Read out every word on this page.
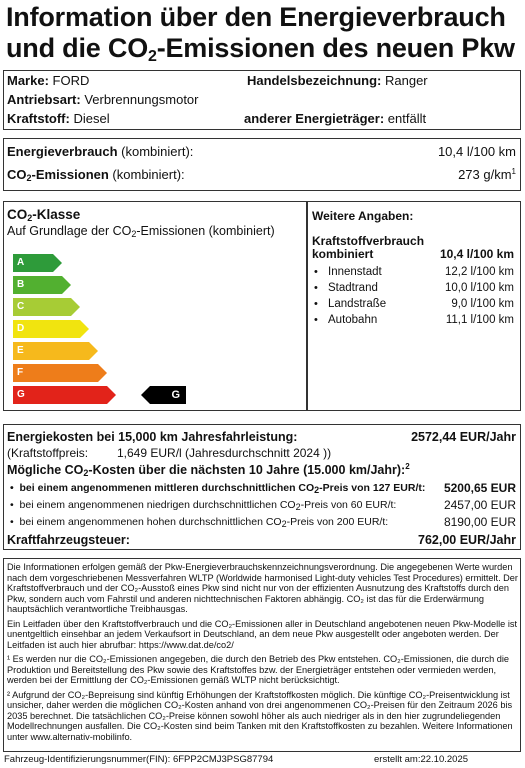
Information über den Energieverbrauch
und die $CO_2$-Emissionen des neuen Pkw
Marke: FORD	Handelsbezeichnung: Ranger
Antriebsart: Verbrennungsmotor
Kraftstoff: Diesel	anderer Energieträger: entfällt
Energieverbrauch (kombiniert):	10,4 l/100 km
$CO_2$-Emissionen (kombiniert):	273 $g/km^1$
$CO_2$-Klasse
Auf Grundlage der $CO_2$-Emissionen (kombiniert)
A
B
C
D
E
F
G	G
Weitere Angaben:
Kraftstoffverbrauch
kombiniert	10,4 l/100 km
• Innenstadt	12,2 l/100 km
• Stadtrand	10,0 l/100 km
• Landstraße	9,0 l/100 km
• Autobahn	11,1 l/100 km
Energiekosten bei 15,000 km Jahresfahrleistung:	2572,44 EUR/Jahr
(Kraftstoffpreis: 1,649 EUR/l (Jahresdurchschnitt 2024 ))
Mögliche $CO_2$-Kosten über die nächsten 10 Jahre (15.000 km/Jahr):$^2$
•  bei einem angenommenen mittleren durchschnittlichen $CO_2$-Preis von 127 EUR/t: 5200,65 EUR
•  bei einem angenommenen niedrigen durchschnittlichen $CO_2$-Preis von 60 EUR/t:	2457,00 EUR
•  bei einem angenommenen hohen durchschnittlichen $CO_2$-Preis von 200 EUR/t:	8190,00 EUR
Kraftfahrzeugsteuer:	762,00 EUR/Jahr

Die Informationen erfolgen gemäß der Pkw-Energieverbrauchskennzeichnungsverordnung. Die angegebenen Werte wurden nach dem vorgeschriebenen Messverfahren WLTP (Worldwide harmonised Light-duty vehicles Test Procedures) ermittelt. Der Kraftstoffverbrauch und der CO₂-Ausstoß eines Pkw sind nicht nur von der effizienten Ausnutzung des Kraftstoffs durch den Pkw, sondern auch vom Fahrstil und anderen nichttechnischen Faktoren abhängig. CO₂ ist das für die Erderwärmung hauptsächlich verantwortliche Treibhausgas.

Ein Leitfaden über den Kraftstoffverbrauch und die CO₂-Emissionen aller in Deutschland angebotenen neuen Pkw-Modelle ist unentgeltlich einsehbar an jedem Verkaufsort in Deutschland, an dem neue Pkw ausgestellt oder angeboten werden. Der Leitfaden ist auch hier abrufbar: https://www.dat.de/co2/

¹ Es werden nur die CO₂-Emissionen angegeben, die durch den Betrieb des Pkw entstehen. CO₂-Emissionen, die durch die Produktion und Bereitstellung des Pkw sowie des Kraftstoffes bzw. der Energieträger entstehen oder vermieden werden, werden bei der Ermittlung der CO₂-Emissionen gemäß WLTP nicht berücksichtigt.

² Aufgrund der CO₂-Bepreisung sind künftig Erhöhungen der Kraftstoffkosten möglich. Die künftige CO₂-Preisentwicklung ist unsicher, daher werden die möglichen CO₂-Kosten anhand von drei angenommenen CO₂-Preisen für den Zeitraum 2026 bis 2035 berechnet. Die tatsächlichen CO₂-Preise können sowohl höher als auch niedriger als in den hier zugrundeliegenden Modellrechnungen ausfallen. Die CO₂-Kosten sind beim Tanken mit den Kraftstoffkosten zu bezahlen. Weitere Informationen unter www.alternativ-mobilinfo.

Fahrzeug-Identifizierungsnummer(FIN): 6FPP2CMJ3PSG87794	erstellt am:22.10.2025
